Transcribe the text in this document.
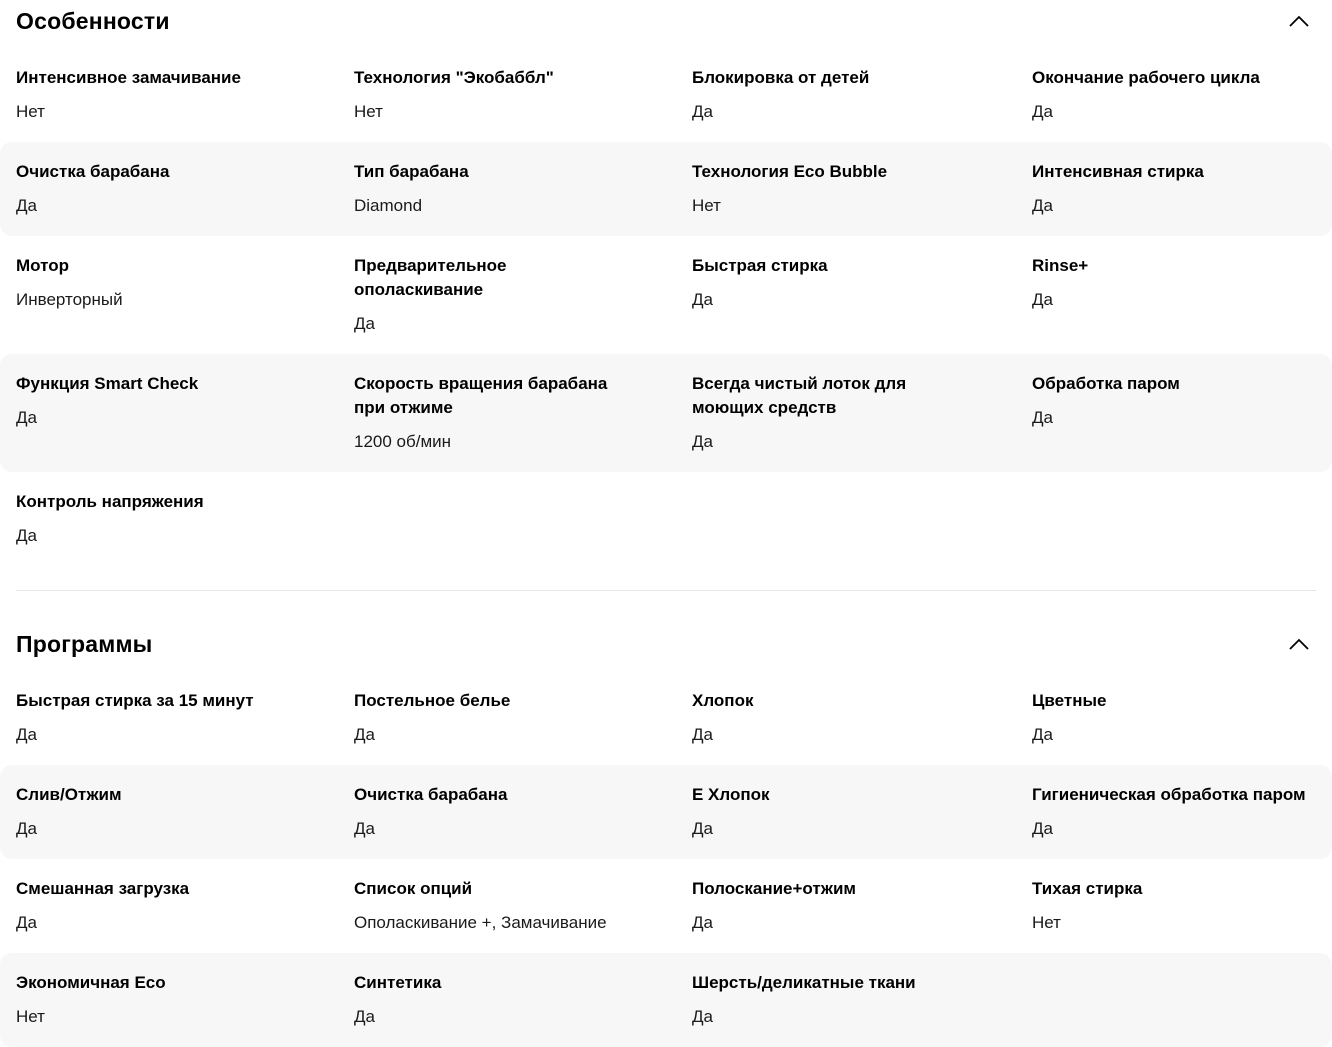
Особенности
Интенсивное замачивание
Нет
Технология "Экобаббл"
Нет
Блокировка от детей
Да
Окончание рабочего цикла
Да
Очистка барабана
Да
Тип барабана
Diamond
Технология Eco Bubble
Нет
Интенсивная стирка
Да
Мотор
Инверторный
Предварительное ополаскивание
Да
Быстрая стирка
Да
Rinse+
Да
Функция Smart Check
Да
Скорость вращения барабана при отжиме
1200 об/мин
Всегда чистый лоток для моющих средств
Да
Обработка паром
Да
Контроль напряжения
Да
Программы
Быстрая стирка за 15 минут
Да
Постельное белье
Да
Хлопок
Да
Цветные
Да
Слив/Отжим
Да
Очистка барабана
Да
Е Хлопок
Да
Гигиеническая обработка паром
Да
Смешанная загрузка
Да
Список опций
Ополаскивание +, Замачивание
Полоскание+отжим
Да
Тихая стирка
Нет
Экономичная Eco
Нет
Синтетика
Да
Шерсть/деликатные ткани
Да
